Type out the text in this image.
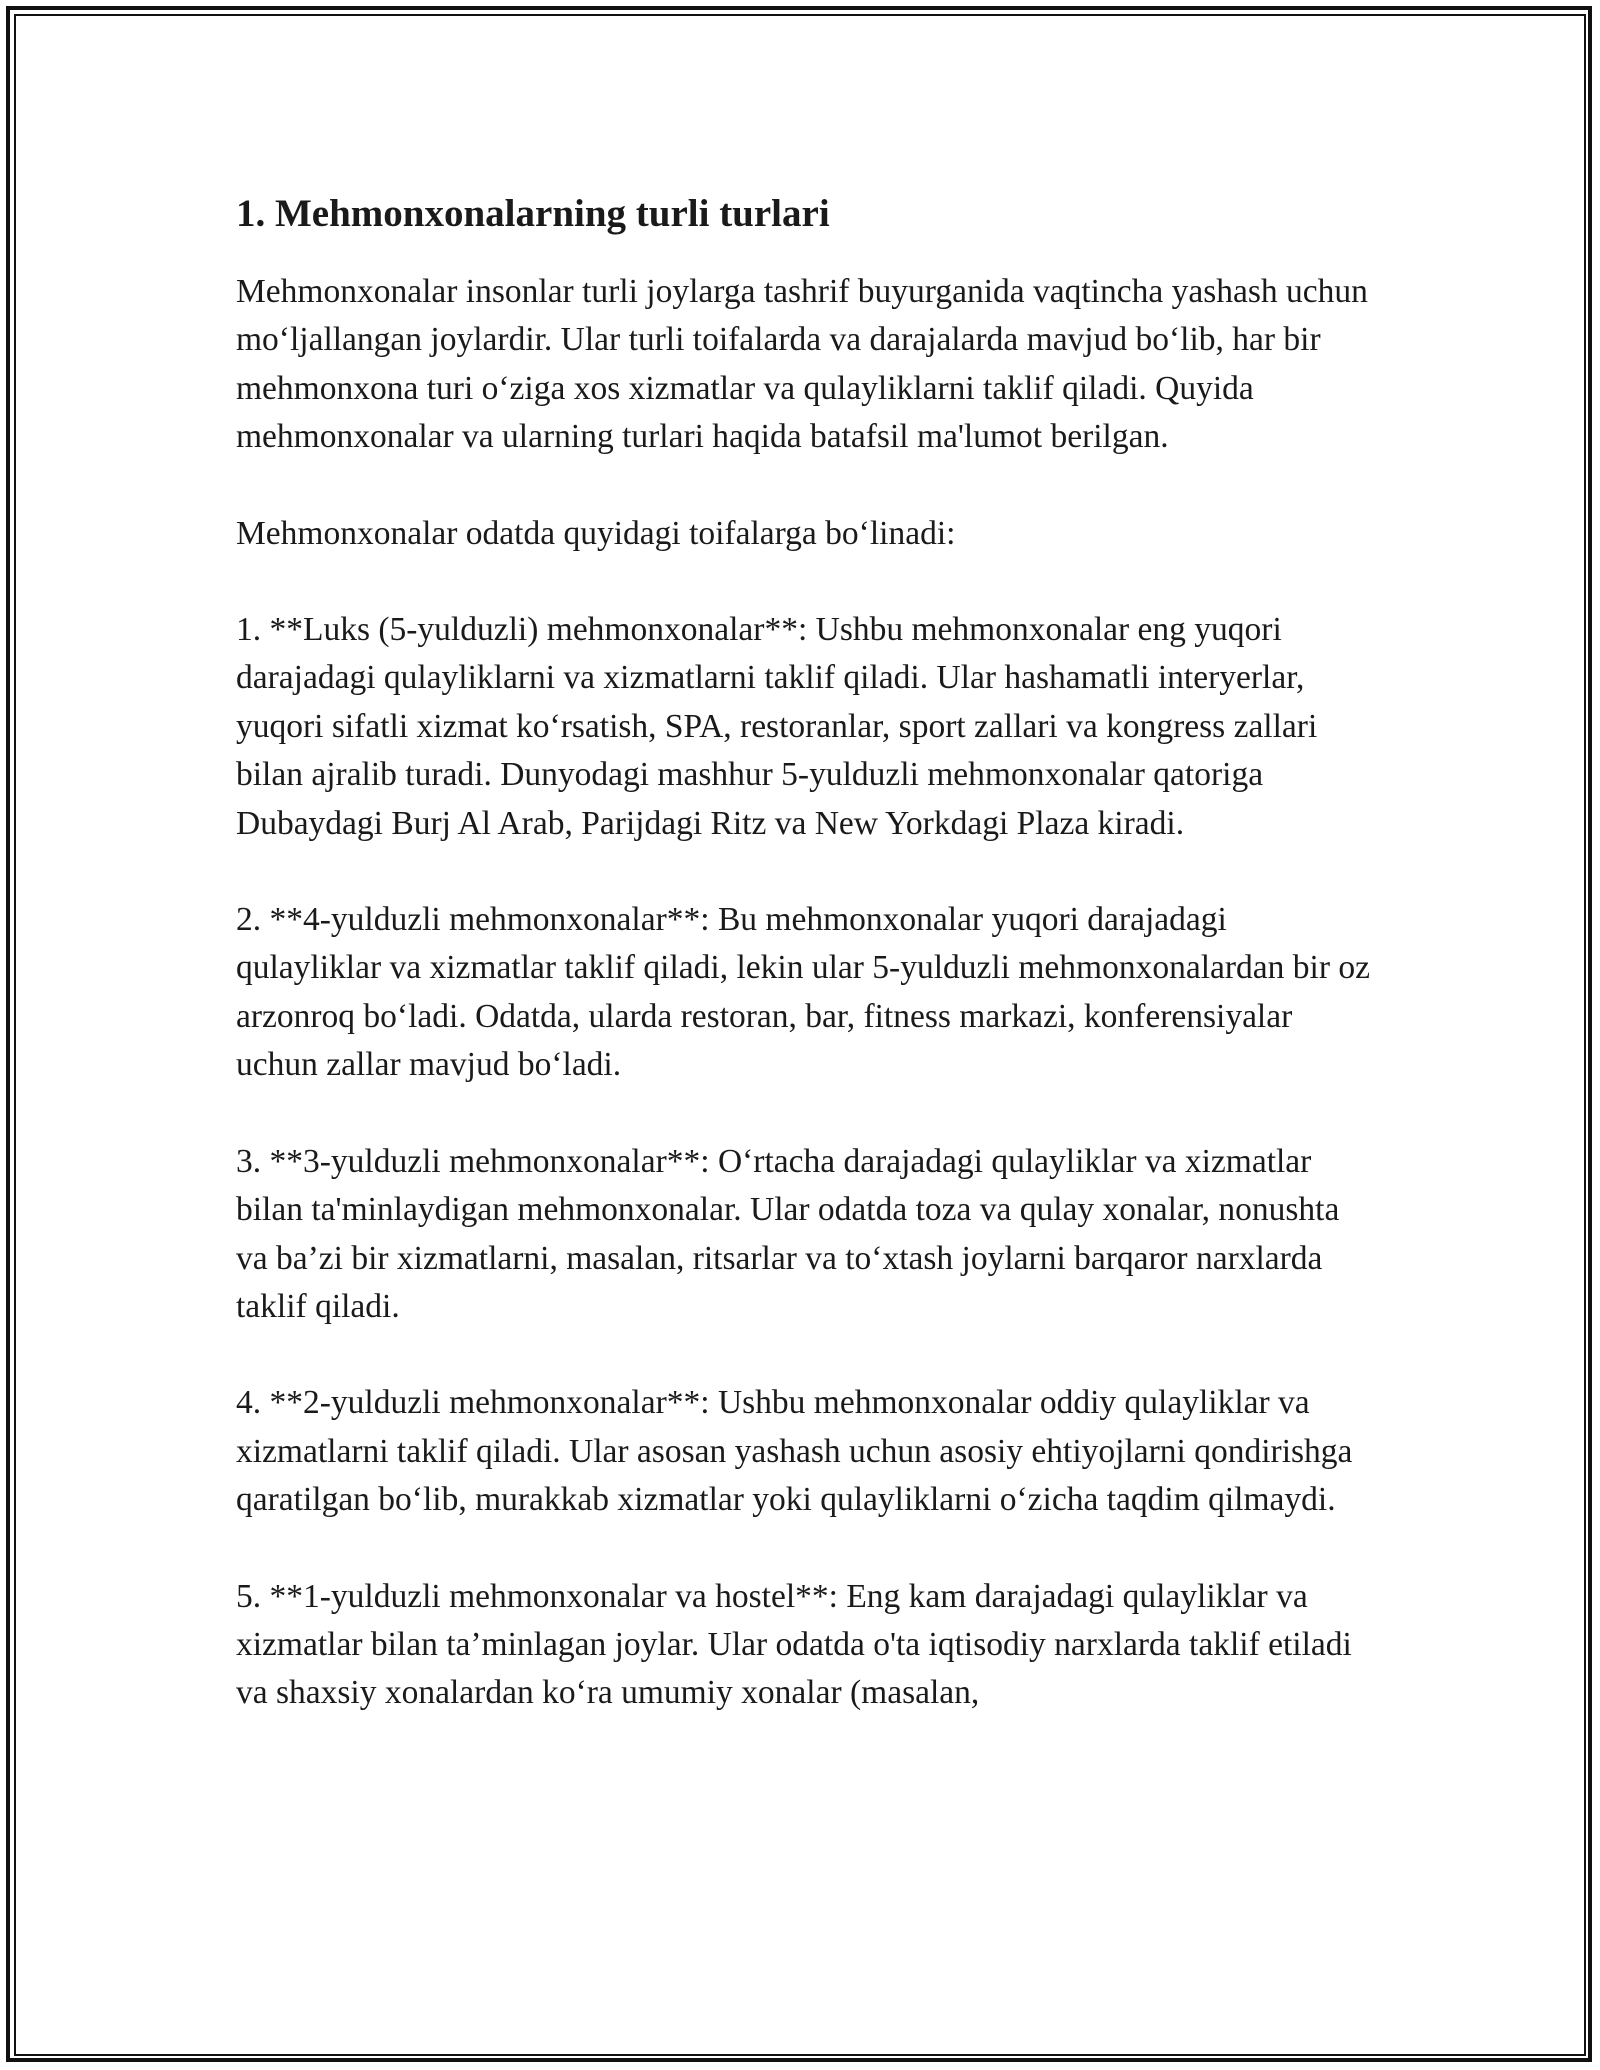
1. Mehmonxonalarning turli turlari

Mehmonxonalar insonlar turli joylarga tashrif buyurganida vaqtincha yashash uchun mo‘ljallangan joylardir. Ular turli toifalarda va darajalarda mavjud bo‘lib, har bir mehmonxona turi o‘ziga xos xizmatlar va qulayliklarni taklif qiladi. Quyida mehmonxonalar va ularning turlari haqida batafsil ma'lumot berilgan.

Mehmonxonalar odatda quyidagi toifalarga bo‘linadi:

1. **Luks (5-yulduzli) mehmonxonalar**: Ushbu mehmonxonalar eng yuqori darajadagi qulayliklarni va xizmatlarni taklif qiladi. Ular hashamatli interyerlar, yuqori sifatli xizmat ko‘rsatish, SPA, restoranlar, sport zallari va kongress zallari bilan ajralib turadi. Dunyodagi mashhur 5-yulduzli mehmonxonalar qatoriga Dubaydagi Burj Al Arab, Parijdagi Ritz va New Yorkdagi Plaza kiradi.

2. **4-yulduzli mehmonxonalar**: Bu mehmonxonalar yuqori darajadagi qulayliklar va xizmatlar taklif qiladi, lekin ular 5-yulduzli mehmonxonalardan bir oz arzonroq bo‘ladi. Odatda, ularda restoran, bar, fitness markazi, konferensiyalar uchun zallar mavjud bo‘ladi.

3. **3-yulduzli mehmonxonalar**: O‘rtacha darajadagi qulayliklar va xizmatlar bilan ta'minlaydigan mehmonxonalar. Ular odatda toza va qulay xonalar, nonushta va ba’zi bir xizmatlarni, masalan, ritsarlar va to‘xtash joylarni barqaror narxlarda taklif qiladi.

4. **2-yulduzli mehmonxonalar**: Ushbu mehmonxonalar oddiy qulayliklar va xizmatlarni taklif qiladi. Ular asosan yashash uchun asosiy ehtiyojlarni qondirishga qaratilgan bo‘lib, murakkab xizmatlar yoki qulayliklarni o‘zicha taqdim qilmaydi.

5. **1-yulduzli mehmonxonalar va hostel**: Eng kam darajadagi qulayliklar va xizmatlar bilan ta’minlagan joylar. Ular odatda o'ta iqtisodiy narxlarda taklif etiladi va shaxsiy xonalardan ko‘ra umumiy xonalar (masalan,
